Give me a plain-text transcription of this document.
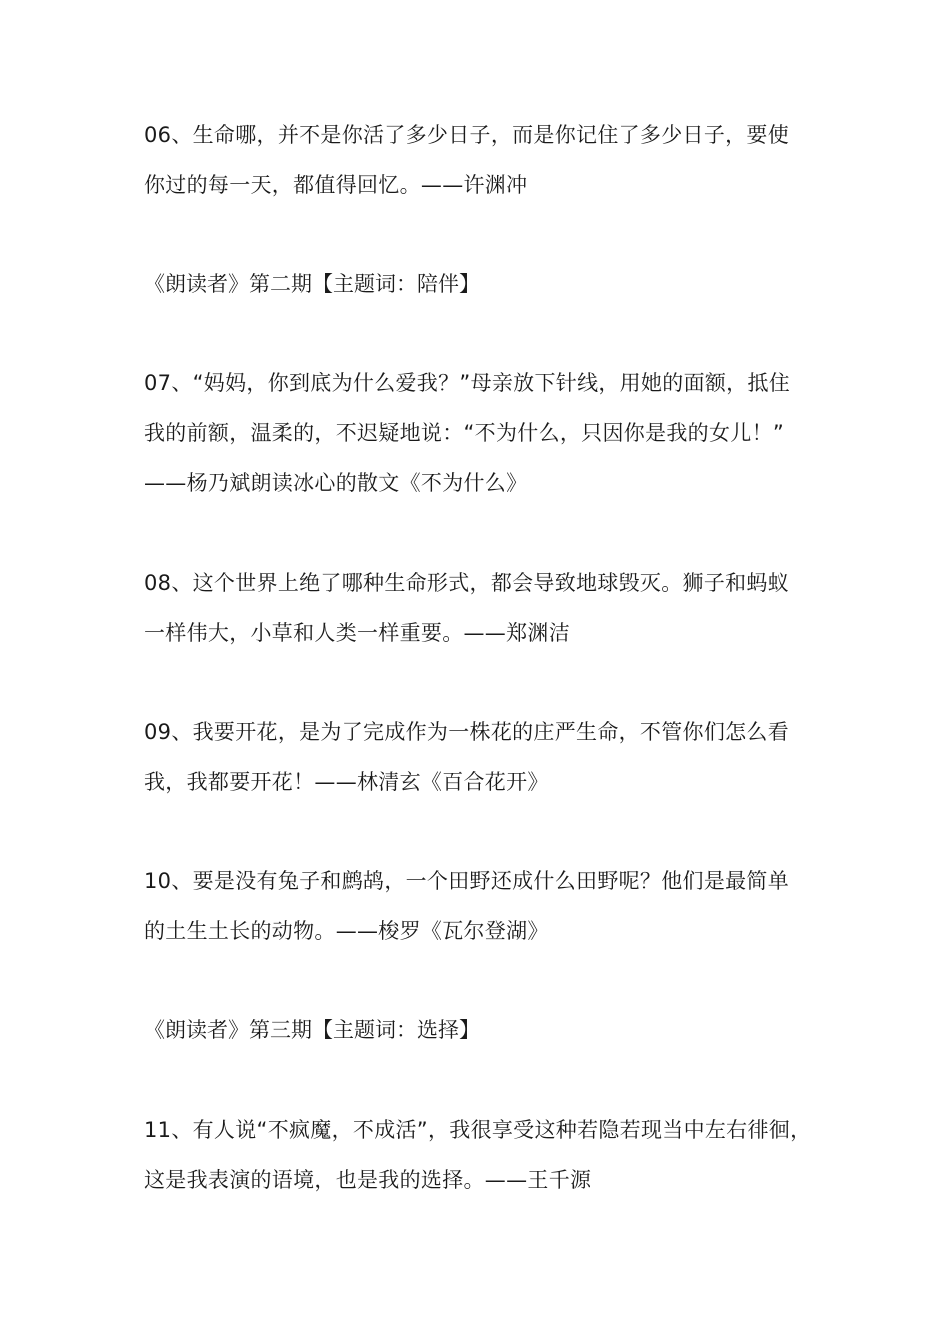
06、生命哪，并不是你活了多少日子，而是你记住了多少日子，要使
你过的每一天，都值得回忆。——许渊冲

《朗读者》第二期【主题词：陪伴】

07、“妈妈，你到底为什么爱我？”母亲放下针线，用她的面额，抵住
我的前额，温柔的，不迟疑地说：“不为什么，只因你是我的女儿！”
——杨乃斌朗读冰心的散文《不为什么》

08、这个世界上绝了哪种生命形式，都会导致地球毁灭。狮子和蚂蚁
一样伟大，小草和人类一样重要。——郑渊洁

09、我要开花，是为了完成作为一株花的庄严生命，不管你们怎么看
我，我都要开花！——林清玄《百合花开》

10、要是没有兔子和鹧鸪，一个田野还成什么田野呢？他们是最简单
的土生土长的动物。——梭罗《瓦尔登湖》

《朗读者》第三期【主题词：选择】

11、有人说“不疯魔，不成活”，我很享受这种若隐若现当中左右徘徊，
这是我表演的语境，也是我的选择。——王千源
